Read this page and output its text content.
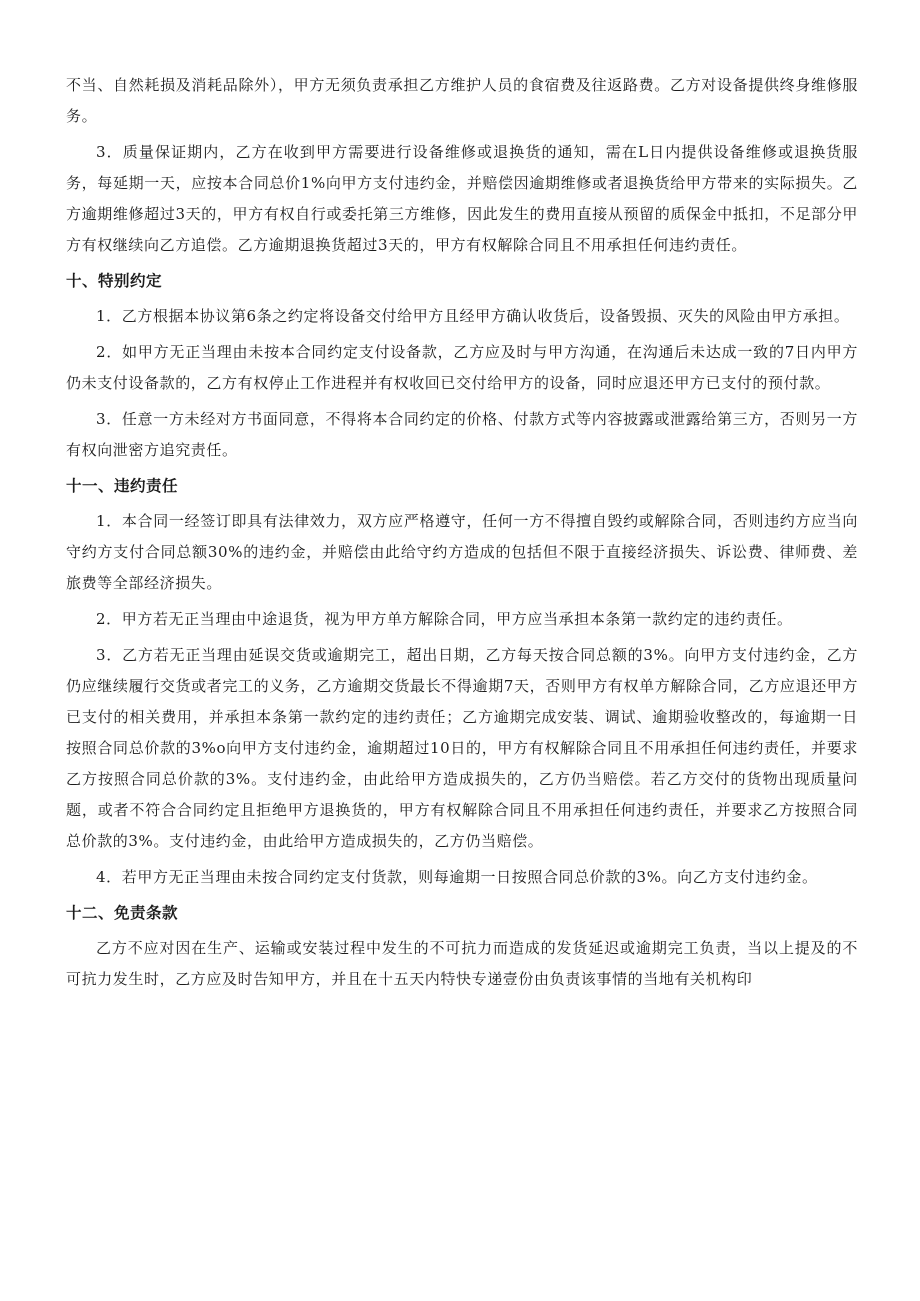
不当、自然耗损及消耗品除外），甲方无须负责承担乙方维护人员的食宿费及往返路费。乙方对设备提供终身维修服务。

3．质量保证期内，乙方在收到甲方需要进行设备维修或退换货的通知，需在L日内提供设备维修或退换货服务，每延期一天，应按本合同总价1%向甲方支付违约金，并赔偿因逾期维修或者退换货给甲方带来的实际损失。乙方逾期维修超过3天的，甲方有权自行或委托第三方维修，因此发生的费用直接从预留的质保金中抵扣，不足部分甲方有权继续向乙方追偿。乙方逾期退换货超过3天的，甲方有权解除合同且不用承担任何违约责任。

十、特别约定

1．乙方根据本协议第6条之约定将设备交付给甲方且经甲方确认收货后，设备毁损、灭失的风险由甲方承担。

2．如甲方无正当理由未按本合同约定支付设备款，乙方应及时与甲方沟通，在沟通后未达成一致的7日内甲方仍未支付设备款的，乙方有权停止工作进程并有权收回已交付给甲方的设备，同时应退还甲方已支付的预付款。

3．任意一方未经对方书面同意，不得将本合同约定的价格、付款方式等内容披露或泄露给第三方，否则另一方有权向泄密方追究责任。

十一、违约责任

1．本合同一经签订即具有法律效力，双方应严格遵守，任何一方不得擅自毁约或解除合同，否则违约方应当向守约方支付合同总额30%的违约金，并赔偿由此给守约方造成的包括但不限于直接经济损失、诉讼费、律师费、差旅费等全部经济损失。

2．甲方若无正当理由中途退货，视为甲方单方解除合同，甲方应当承担本条第一款约定的违约责任。

3．乙方若无正当理由延误交货或逾期完工，超出日期，乙方每天按合同总额的3%。向甲方支付违约金，乙方仍应继续履行交货或者完工的义务，乙方逾期交货最长不得逾期7天，否则甲方有权单方解除合同，乙方应退还甲方已支付的相关费用，并承担本条第一款约定的违约责任；乙方逾期完成安装、调试、逾期验收整改的，每逾期一日按照合同总价款的3%o向甲方支付违约金，逾期超过10日的，甲方有权解除合同且不用承担任何违约责任，并要求乙方按照合同总价款的3%。支付违约金，由此给甲方造成损失的，乙方仍当赔偿。若乙方交付的货物出现质量问题，或者不符合合同约定且拒绝甲方退换货的，甲方有权解除合同且不用承担任何违约责任，并要求乙方按照合同总价款的3%。支付违约金，由此给甲方造成损失的，乙方仍当赔偿。

4．若甲方无正当理由未按合同约定支付货款，则每逾期一日按照合同总价款的3%。向乙方支付违约金。

十二、免责条款

乙方不应对因在生产、运输或安装过程中发生的不可抗力而造成的发货延迟或逾期完工负责，当以上提及的不可抗力发生时，乙方应及时告知甲方，并且在十五天内特快专递壹份由负责该事情的当地有关机构印
